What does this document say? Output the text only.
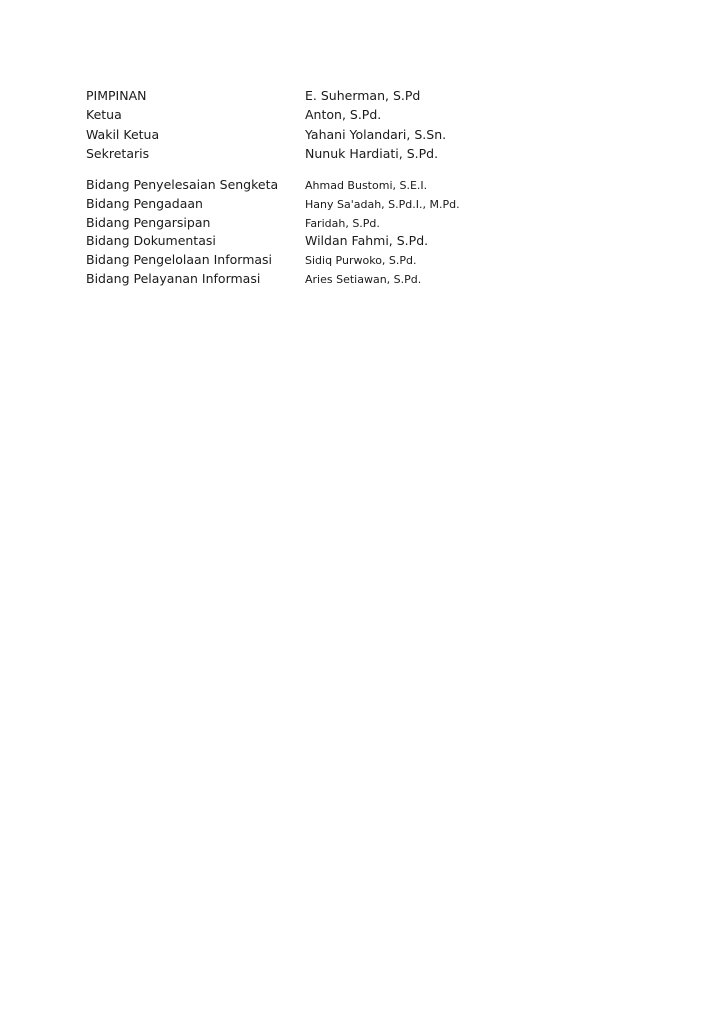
PIMPINAN	E. Suherman, S.Pd
Ketua	Anton, S.Pd.
Wakil Ketua	Yahani Yolandari, S.Sn.
Sekretaris	Nunuk Hardiati, S.Pd.
Bidang Penyelesaian Sengketa	Ahmad Bustomi, S.E.I.
Bidang Pengadaan	Hany Sa'adah, S.Pd.I., M.Pd.
Bidang Pengarsipan	Faridah, S.Pd.
Bidang Dokumentasi	Wildan Fahmi, S.Pd.
Bidang Pengelolaan Informasi	Sidiq Purwoko, S.Pd.
Bidang Pelayanan Informasi	Aries Setiawan, S.Pd.
